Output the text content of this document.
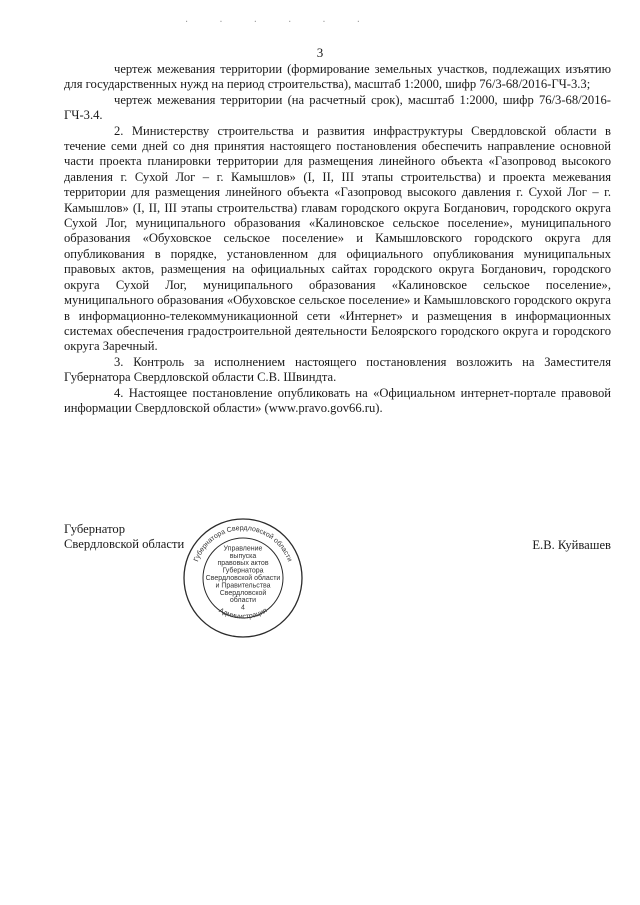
. . . . . .
3

чертеж межевания территории (формирование земельных участков, подлежащих изъятию для государственных нужд на период строительства), масштаб 1:2000, шифр 76/3-68/2016-ГЧ-3.3;

чертеж межевания территории (на расчетный срок), масштаб 1:2000, шифр 76/3-68/2016-ГЧ-3.4.

2. Министерству строительства и развития инфраструктуры Свердловской области в течение семи дней со дня принятия настоящего постановления обеспечить направление основной части проекта планировки территории для размещения линейного объекта «Газопровод высокого давления г. Сухой Лог – г. Камышлов» (I, II, III этапы строительства) и проекта межевания территории для размещения линейного объекта «Газопровод высокого давления г. Сухой Лог – г. Камышлов» (I, II, III этапы строительства) главам городского округа Богданович, городского округа Сухой Лог, муниципального образования «Калиновское сельское поселение», муниципального образования «Обуховское сельское поселение» и Камышловского городского округа для опубликования в порядке, установленном для официального опубликования муниципальных правовых актов, размещения на официальных сайтах городского округа Богданович, городского округа Сухой Лог, муниципального образования «Калиновское сельское поселение», муниципального образования «Обуховское сельское поселение» и Камышловского городского округа в информационно-телекоммуникационной сети «Интернет» и размещения в информационных системах обеспечения градостроительной деятельности Белоярского городского округа и городского округа Заречный.

3. Контроль за исполнением настоящего постановления возложить на Заместителя Губернатора Свердловской области С.В. Швиндта.

4. Настоящее постановление опубликовать на «Официальном интернет-портале правовой информации Свердловской области» (www.pravo.gov66.ru).

Губернатор
Свердловской области
Губернатора Свердловской области
Администрация
Управление
выпуска
правовых актов
Губернатора
Свердловской области
и Правительства
Свердловской
области
4
Е.В. Куйвашев
